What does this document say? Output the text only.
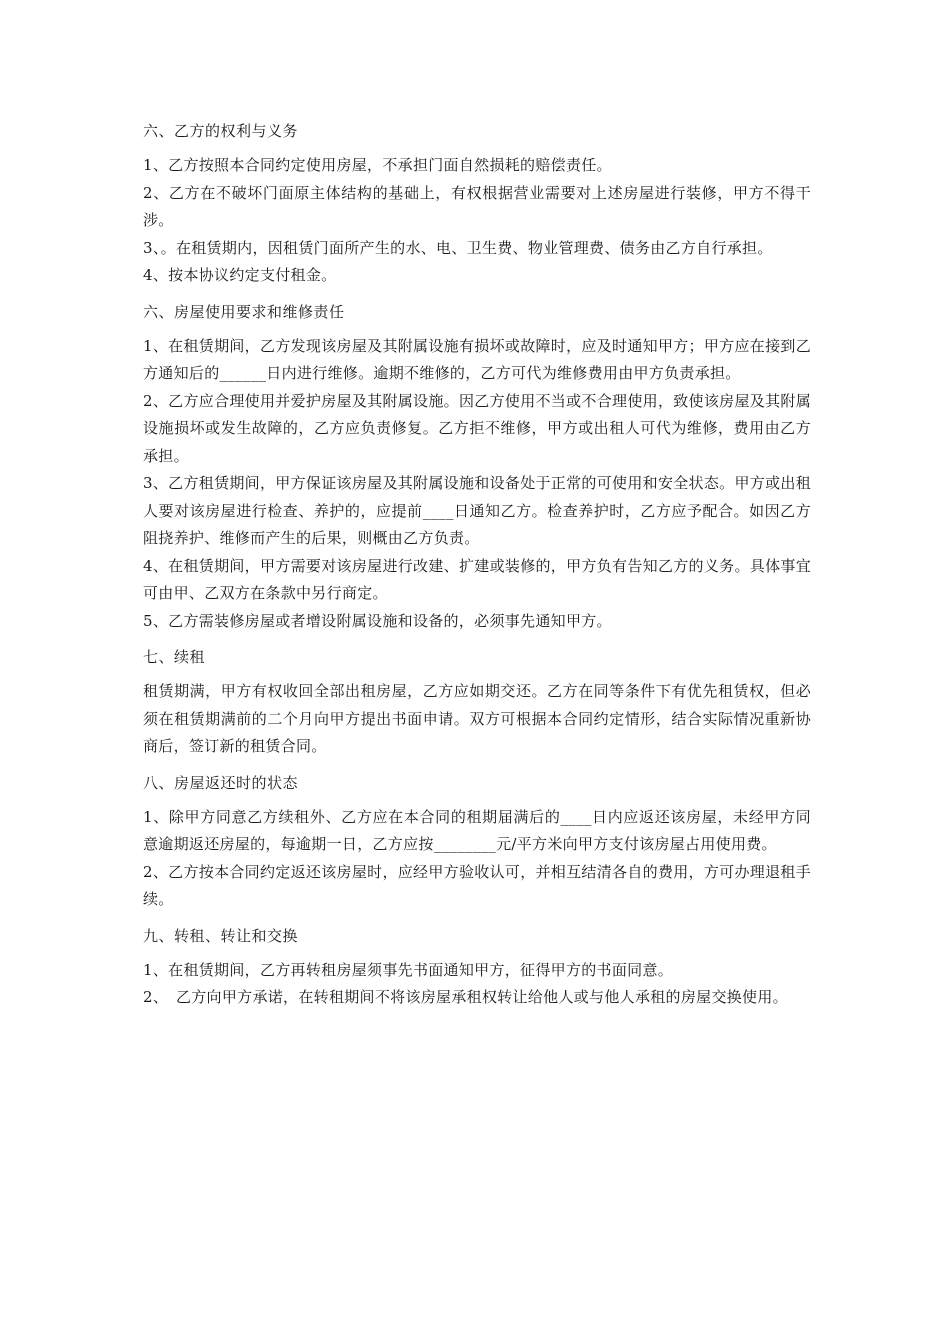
六、乙方的权利与义务

1、乙方按照本合同约定使用房屋，不承担门面自然损耗的赔偿责任。

2、乙方在不破坏门面原主体结构的基础上，有权根据营业需要对上述房屋进行装修，甲方不得干涉。

3、。在租赁期内，因租赁门面所产生的水、电、卫生费、物业管理费、债务由乙方自行承担。

4、按本协议约定支付租金。

六、房屋使用要求和维修责任

1、在租赁期间，乙方发现该房屋及其附属设施有损坏或故障时，应及时通知甲方；甲方应在接到乙方通知后的______日内进行维修。逾期不维修的，乙方可代为维修费用由甲方负责承担。

2、乙方应合理使用并爱护房屋及其附属设施。因乙方使用不当或不合理使用，致使该房屋及其附属设施损坏或发生故障的，乙方应负责修复。乙方拒不维修，甲方或出租人可代为维修，费用由乙方承担。

3、乙方租赁期间，甲方保证该房屋及其附属设施和设备处于正常的可使用和安全状态。甲方或出租人要对该房屋进行检查、养护的，应提前____日通知乙方。检查养护时，乙方应予配合。如因乙方阻挠养护、维修而产生的后果，则概由乙方负责。

4、在租赁期间，甲方需要对该房屋进行改建、扩建或装修的，甲方负有告知乙方的义务。具体事宜可由甲、乙双方在条款中另行商定。

5、乙方需装修房屋或者增设附属设施和设备的，必须事先通知甲方。

七、续租

租赁期满，甲方有权收回全部出租房屋，乙方应如期交还。乙方在同等条件下有优先租赁权，但必须在租赁期满前的二个月向甲方提出书面申请。双方可根据本合同约定情形，结合实际情况重新协商后，签订新的租赁合同。

八、房屋返还时的状态

1、除甲方同意乙方续租外、乙方应在本合同的租期届满后的____日内应返还该房屋，未经甲方同意逾期返还房屋的，每逾期一日，乙方应按________元/平方米向甲方支付该房屋占用使用费。

2、乙方按本合同约定返还该房屋时，应经甲方验收认可，并相互结清各自的费用，方可办理退租手续。

九、转租、转让和交换

1、在租赁期间，乙方再转租房屋须事先书面通知甲方，征得甲方的书面同意。

2、　乙方向甲方承诺，在转租期间不将该房屋承租权转让给他人或与他人承租的房屋交换使用。
